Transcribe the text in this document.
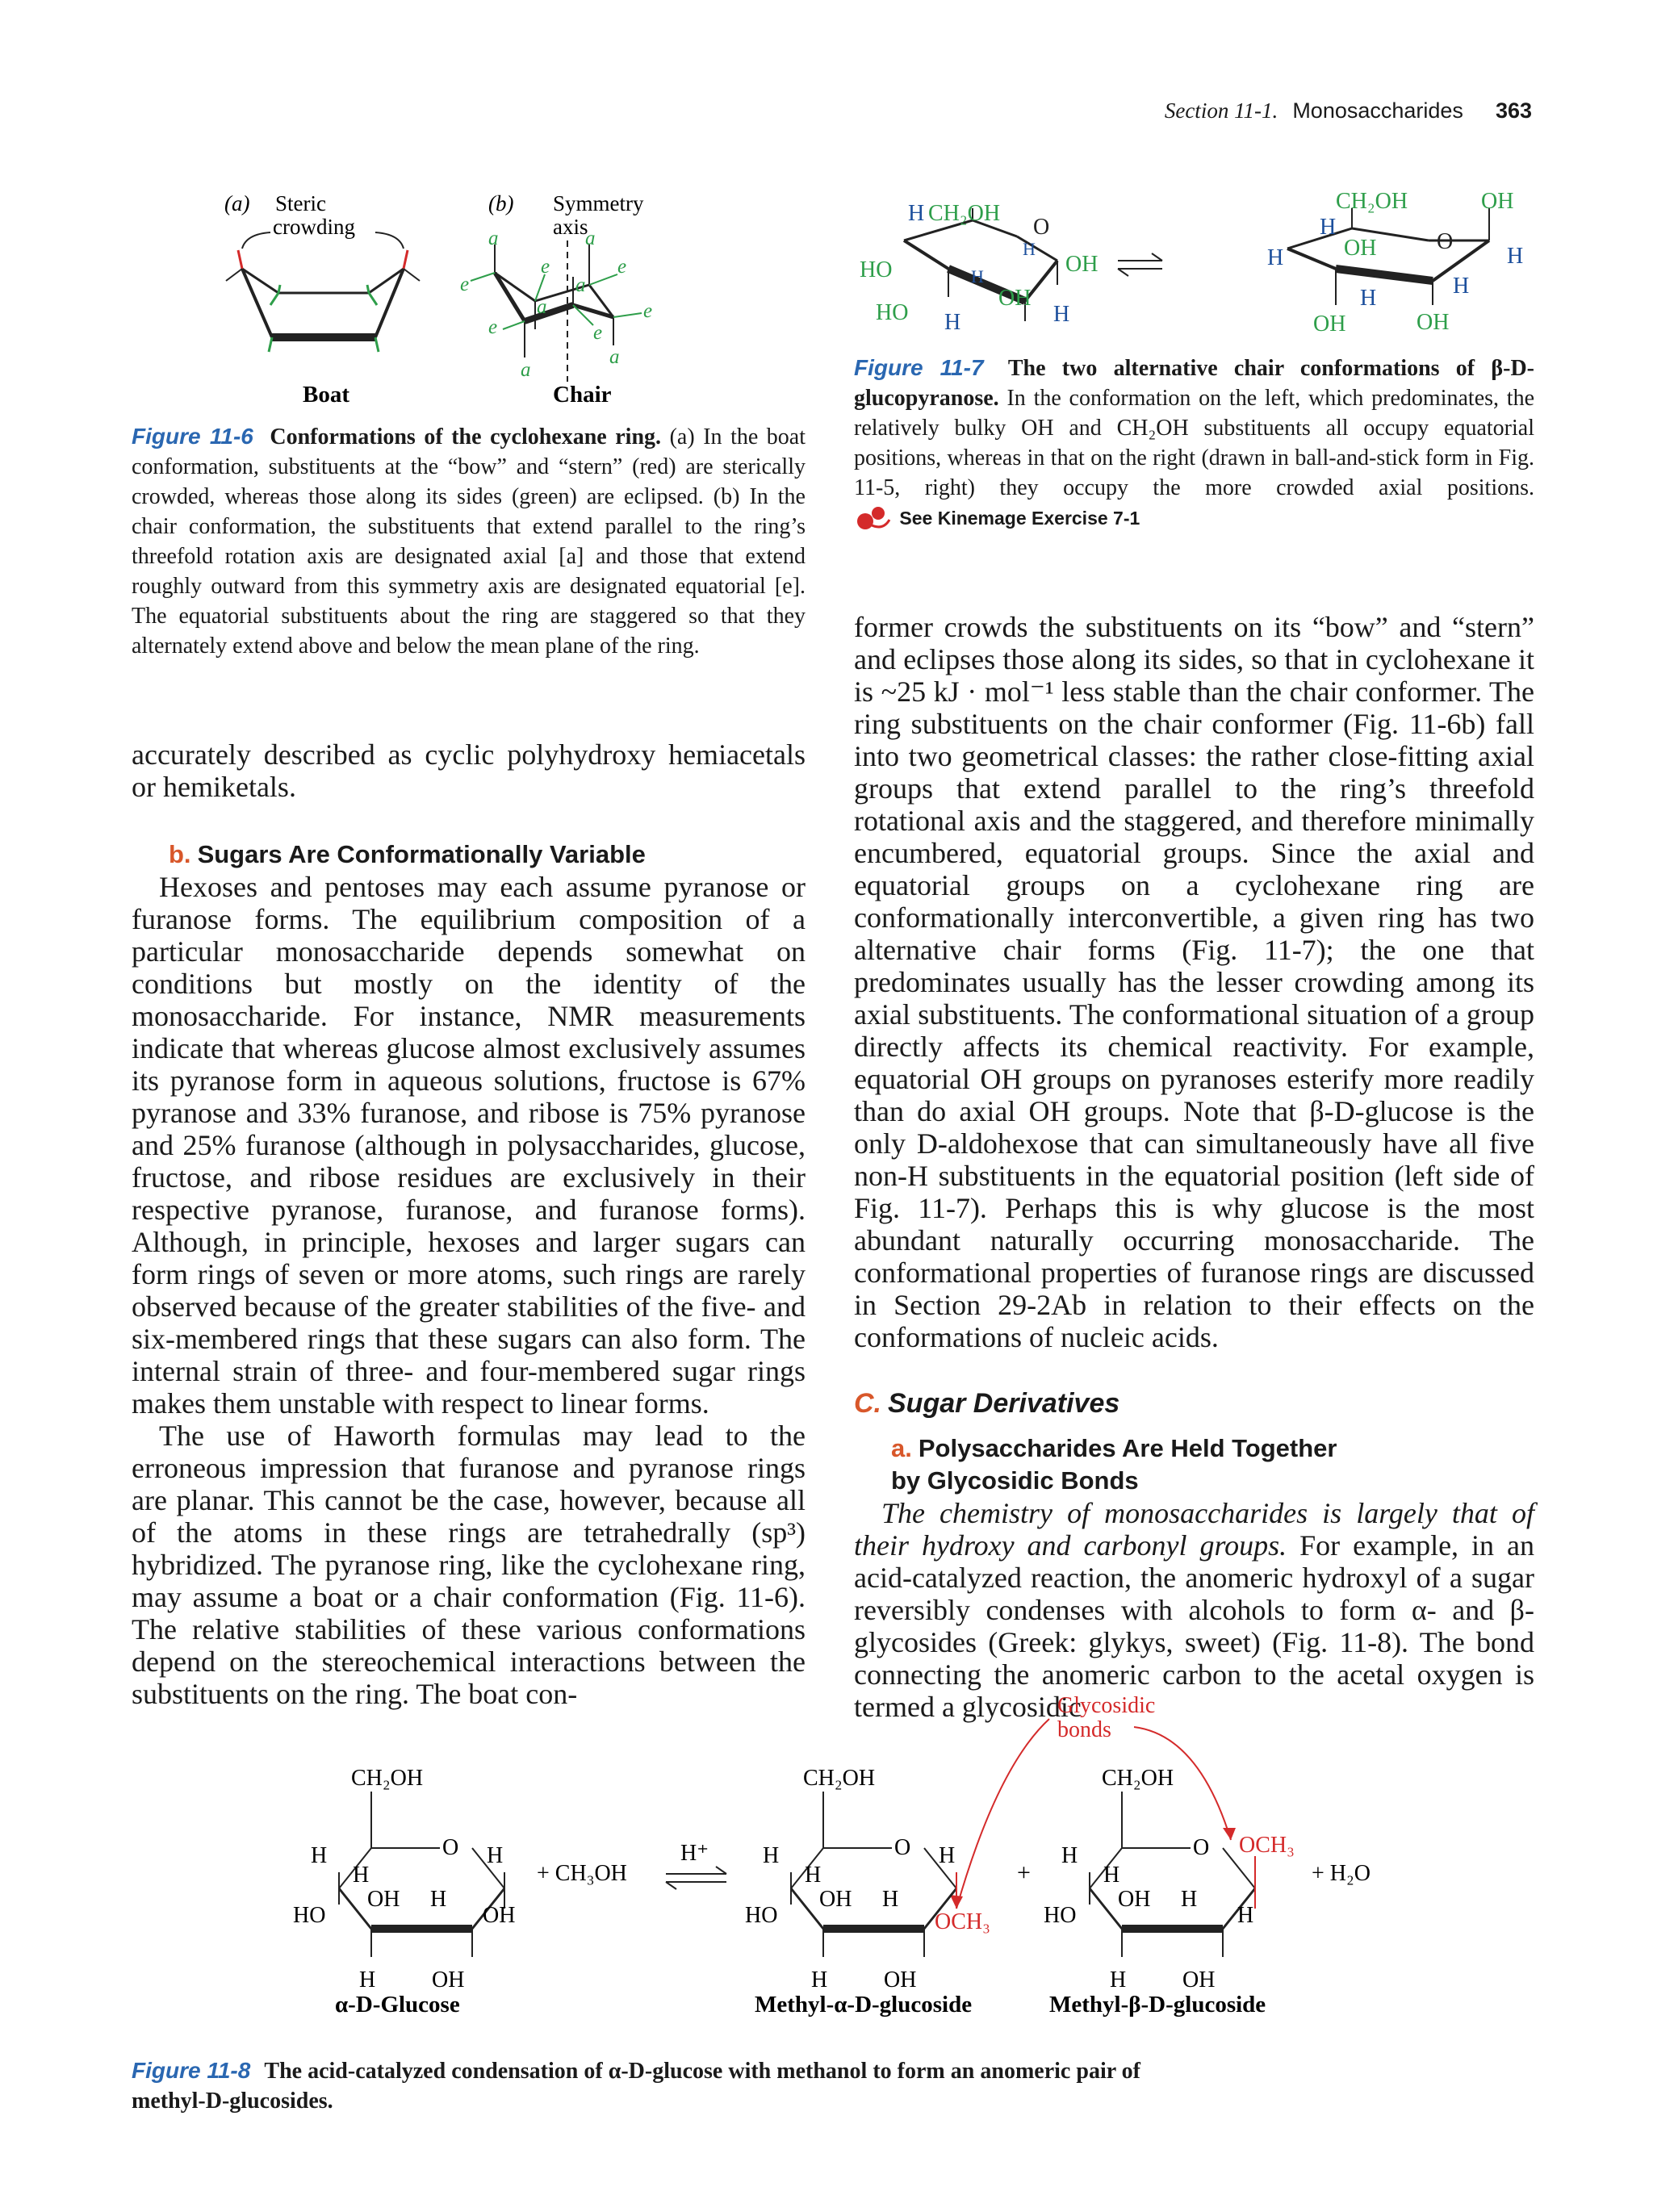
Section 11-1. Monosaccharides 363
(a) Steric
crowding
(b) Symmetry
axis
a	a
e
e	e
e
a
a
e	e
a
a
Boat	Chair
Figure 11-6 Conformations of the cyclohexane ring. (a) In the boat conformation, substituents at the “bow” and “stern” (red) are sterically crowded, whereas those along its sides (green) are eclipsed. (b) In the chair conformation, the substituents that extend parallel to the ring’s threefold rotation axis are designated axial [a] and those that extend roughly outward from this symmetry axis are designated equatorial [e]. The equatorial substituents about the ring are staggered so that they alternately extend above and below the mean plane of the ring.
H CH₂OH
O
H
HO	H	OH
HO
OH
H	H
CH₂OH	OH
H
OH	O
H	H
H	H
OH	OH
Figure 11-7 The two alternative chair conformations of β-D-glucopyranose. In the conformation on the left, which predominates, the relatively bulky OH and CH₂OH substituents all occupy equatorial positions, whereas in that on the right (drawn in ball-and-stick form in Fig. 11-5, right) they occupy the more crowded axial positions.  See Kinemage Exercise 7-1

accurately described as cyclic polyhydroxy hemiacetals or hemiketals.

b. Sugars Are Conformationally Variable

Hexoses and pentoses may each assume pyranose or furanose forms. The equilibrium composition of a particular monosaccharide depends somewhat on conditions but mostly on the identity of the monosaccharide. For instance, NMR measurements indicate that whereas glucose almost exclusively assumes its pyranose form in aqueous solutions, fructose is 67% pyranose and 33% furanose, and ribose is 75% pyranose and 25% furanose (although in polysaccharides, glucose, fructose, and ribose residues are exclusively in their respective pyranose, furanose, and furanose forms). Although, in principle, hexoses and larger sugars can form rings of seven or more atoms, such rings are rarely observed because of the greater stabilities of the five- and six-membered rings that these sugars can also form. The internal strain of three- and four-membered sugar rings makes them unstable with respect to linear forms.

The use of Haworth formulas may lead to the erroneous impression that furanose and pyranose rings are planar. This cannot be the case, however, because all of the atoms in these rings are tetrahedrally (sp³) hybridized. The pyranose ring, like the cyclohexane ring, may assume a boat or a chair conformation (Fig. 11-6). The relative stabilities of these various conformations depend on the stereochemical interactions between the substituents on the ring. The boat con-

former crowds the substituents on its “bow” and “stern” and eclipses those along its sides, so that in cyclohexane it is ~25 kJ · mol⁻¹ less stable than the chair conformer. The ring substituents on the chair conformer (Fig. 11-6b) fall into two geometrical classes: the rather close-fitting axial groups that extend parallel to the ring’s threefold rotational axis and the staggered, and therefore minimally encumbered, equatorial groups. Since the axial and equatorial groups on a cyclohexane ring are conformationally interconvertible, a given ring has two alternative chair forms (Fig. 11-7); the one that predominates usually has the lesser crowding among its axial substituents. The conformational situation of a group directly affects its chemical reactivity. For example, equatorial OH groups on pyranoses esterify more readily than do axial OH groups. Note that β-D-glucose is the only D-aldohexose that can simultaneously have all five non-H substituents in the equatorial position (left side of Fig. 11-7). Perhaps this is why glucose is the most abundant naturally occurring monosaccharide. The conformational properties of furanose rings are discussed in Section 29-2Ab in relation to their effects on the conformations of nucleic acids.

C. Sugar Derivatives
a. Polysaccharides Are Held Together
by Glycosidic Bonds

The chemistry of monosaccharides is largely that of their hydroxy and carbonyl groups. For example, in an acid-catalyzed reaction, the anomeric hydroxyl of a sugar reversibly condenses with alcohols to form α- and β-glycosides (Greek: glykys, sweet) (Fig. 11-8). The bond connecting the anomeric carbon to the acetal oxygen is termed a glycosidic

Glycosidic
bonds
CH₂OH
O
H	H
H
OH H
HO	OH
H OH
+ CH₃OH
H⁺
CH₂OH
O
H	H
H
OH H
HO	OCH₃
H OH
+
CH₂OH
O
H	OCH₃
H
OH H
HO	H
H OH
+ H₂O
α-D-Glucose	Methyl-α-D-glucoside	Methyl-β-D-glucoside
Figure 11-8 The acid-catalyzed condensation of α-D-glucose with methanol to form an anomeric pair of methyl-D-glucosides.
